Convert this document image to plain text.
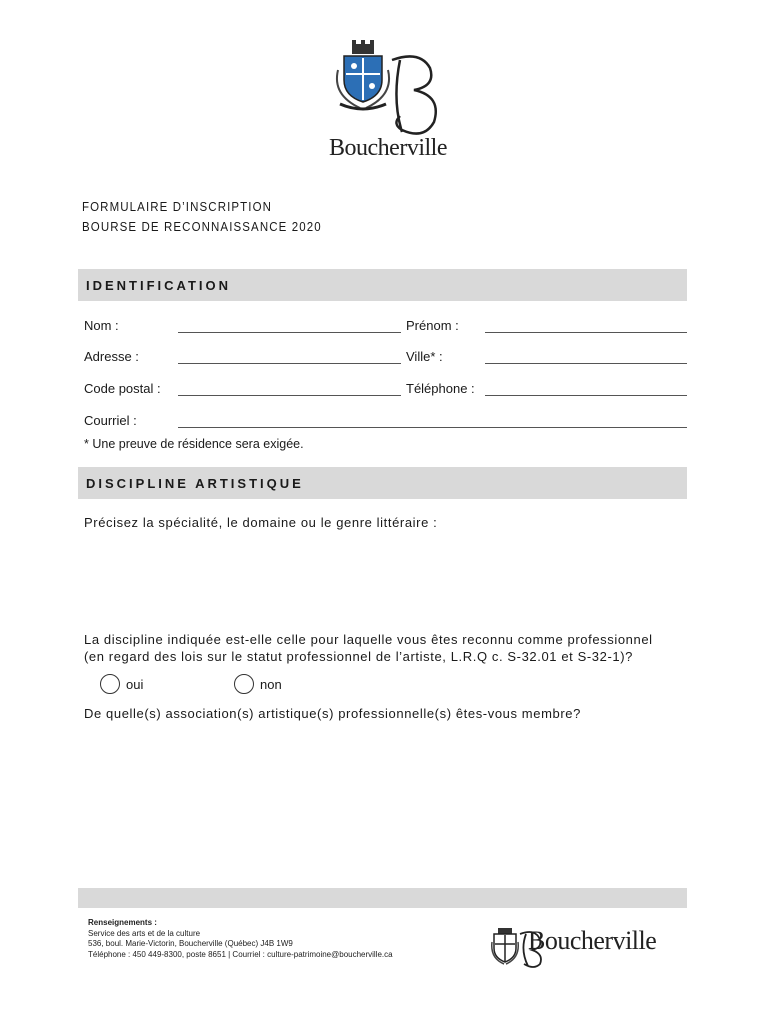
Boucherville
FORMULAIRE D’INSCRIPTION
BOURSE DE RECONNAISSANCE 2020
IDENTIFICATION
Nom :	Prénom :
Adresse :	Ville* :
Code postal :	Téléphone :
Courriel :
* Une preuve de résidence sera exigée.
DISCIPLINE ARTISTIQUE
Précisez la spécialité, le domaine ou le genre littéraire :
La discipline indiquée est-elle celle pour laquelle vous êtes reconnu comme professionnel
(en regard des lois sur le statut professionnel de l’artiste, L.R.Q c. S-32.01 et S-32-1)?
oui	non
De quelle(s) association(s) artistique(s) professionnelle(s) êtes-vous membre?
Renseignements :
Service des arts et de la culture
536, boul. Marie-Victorin, Boucherville (Québec) J4B 1W9
Téléphone : 450 449-8300, poste 8651 | Courriel : culture-patrimoine@boucherville.ca	Boucherville
